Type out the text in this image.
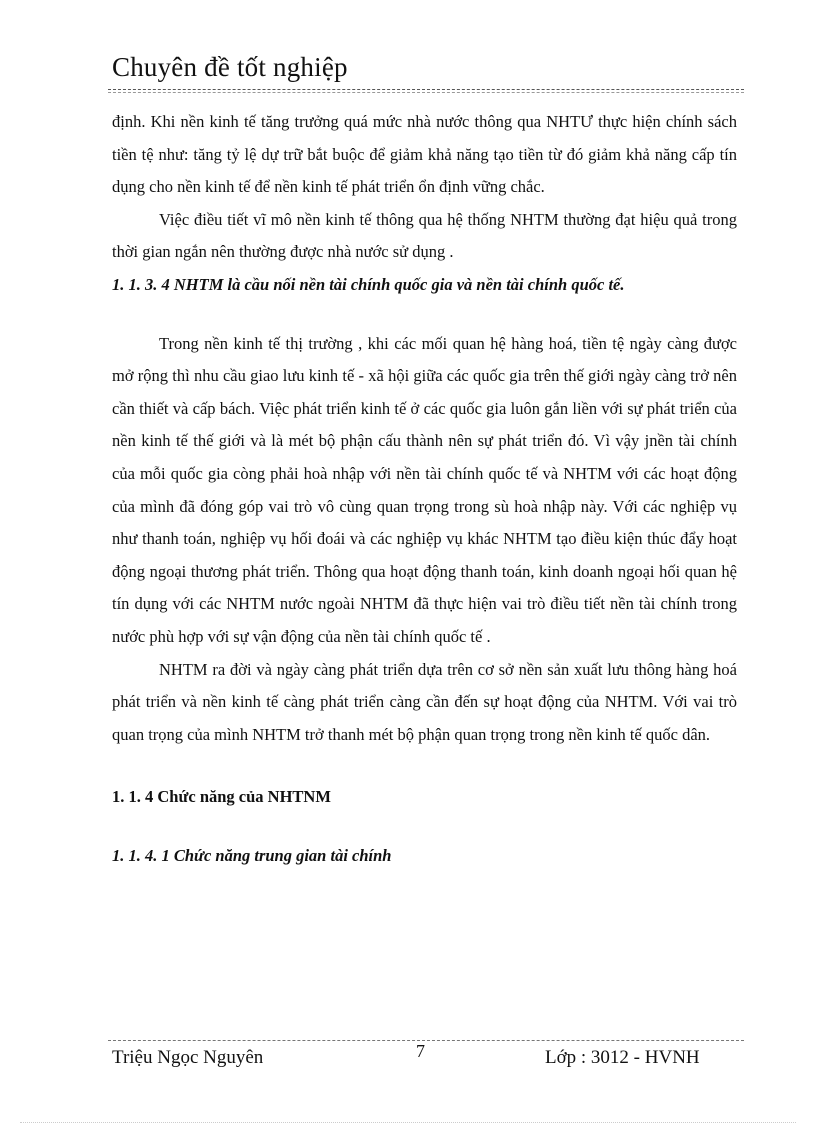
Chuyên đề tốt nghiệp

định. Khi nền kinh tế tăng trưởng quá mức nhà nước thông qua NHTƯ thực hiện chính sách tiền tệ như: tăng tỷ lệ dự trữ bắt buộc để giảm khả năng tạo tiền từ đó giảm khả năng cấp tín dụng cho nền kinh tế để nền kinh tế phát triển ổn định vững chắc.

Việc điều tiết vĩ mô nền kinh tế thông qua hệ thống NHTM thường đạt hiệu quả trong thời gian ngắn nên thường được nhà nước sử dụng .

1. 1. 3. 4 NHTM là cầu nối nền tài chính quốc gia và nền tài chính quốc tế.

Trong nền kinh tế thị trường , khi các mối quan hệ hàng hoá, tiền tệ ngày càng được mở rộng thì nhu cầu giao lưu kinh tế - xã hội giữa các quốc gia trên thế giới ngày càng trở nên cần thiết và cấp bách. Việc phát triển kinh tế ở các quốc gia luôn gắn liền với sự phát triển của nền kinh tế thế giới và là mét bộ phận cấu thành nên sự phát triển đó. Vì vậy jnền tài chính của mỗi quốc gia còng phải hoà nhập với nền tài chính quốc tế và NHTM với các hoạt động của mình đã đóng góp vai trò vô cùng quan trọng trong sù hoà nhập này. Với các nghiệp vụ như thanh toán, nghiệp vụ hối đoái và các nghiệp vụ khác NHTM tạo điều kiện thúc đẩy hoạt động ngoại thương phát triển. Thông qua hoạt động thanh toán, kinh doanh ngoại hối quan hệ tín dụng với các NHTM nước ngoài NHTM đã thực hiện vai trò điều tiết nền tài chính trong nước phù hợp với sự vận động của nền tài chính quốc tế .

NHTM ra đời và ngày càng phát triển dựa trên cơ sở nền sản xuất lưu thông hàng hoá phát triển và nền kinh tế càng phát triển càng cần đến sự hoạt động của NHTM. Với vai trò quan trọng của mình NHTM trở thanh mét bộ phận quan trọng trong nền kinh tế quốc dân.

1. 1. 4 Chức năng của NHTNM
1. 1. 4. 1 Chức năng trung gian tài chính
Triệu Ngọc Nguyên	7	Lớp : 3012 - HVNH
